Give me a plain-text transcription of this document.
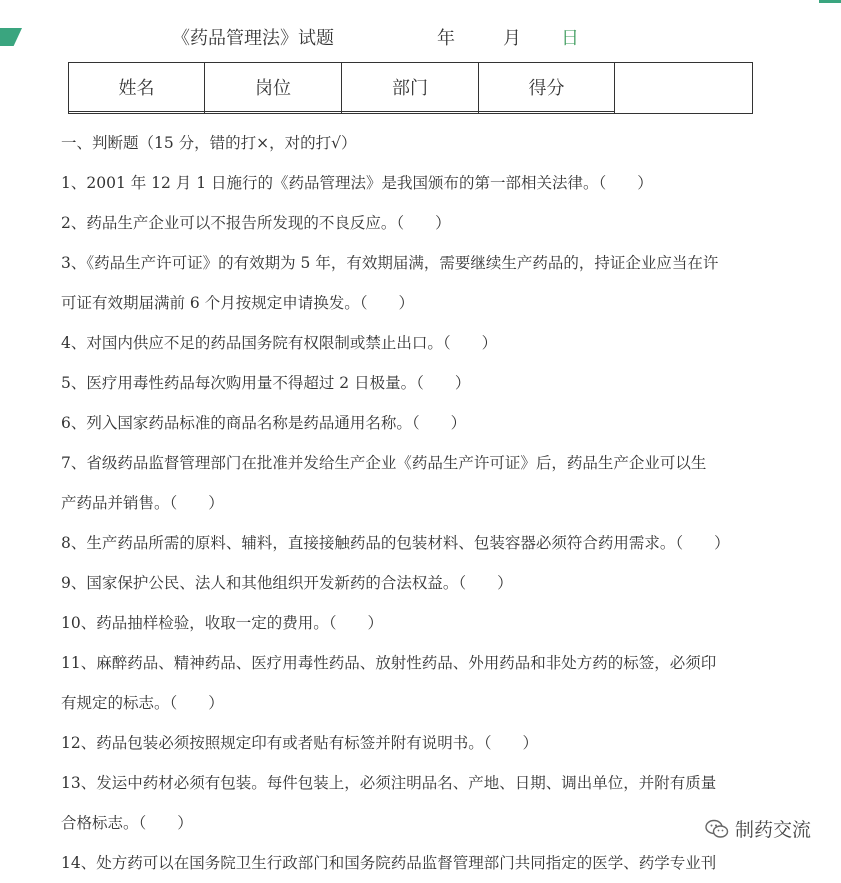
《药品管理法》试题	年	月 日
姓名	岗位	部门	得分	

一、判断题（15 分，错的打×，对的打√）

1、2001 年 12 月 1 日施行的《药品管理法》是我国颁布的第一部相关法律。（　　）

2、药品生产企业可以不报告所发现的不良反应。（　　）

3、《药品生产许可证》的有效期为 5 年，有效期届满，需要继续生产药品的，持证企业应当在许

可证有效期届满前 6 个月按规定申请换发。（　　）

4、对国内供应不足的药品国务院有权限制或禁止出口。（　　）

5、医疗用毒性药品每次购用量不得超过 2 日极量。（　　）

6、列入国家药品标准的商品名称是药品通用名称。（　　）

7、省级药品监督管理部门在批准并发给生产企业《药品生产许可证》后，药品生产企业可以生

产药品并销售。（　　）

8、生产药品所需的原料、辅料，直接接触药品的包装材料、包装容器必须符合药用需求。（　　）

9、国家保护公民、法人和其他组织开发新药的合法权益。（　　）

10、药品抽样检验，收取一定的费用。（　　）

11、麻醉药品、精神药品、医疗用毒性药品、放射性药品、外用药品和非处方药的标签，必须印

有规定的标志。（　　）

12、药品包装必须按照规定印有或者贴有标签并附有说明书。（　　）

13、发运中药材必须有包装。每件包装上，必须注明品名、产地、日期、调出单位，并附有质量

合格标志。（　　）

14、处方药可以在国务院卫生行政部门和国务院药品监督管理部门共同指定的医学、药学专业刊

制药交流
